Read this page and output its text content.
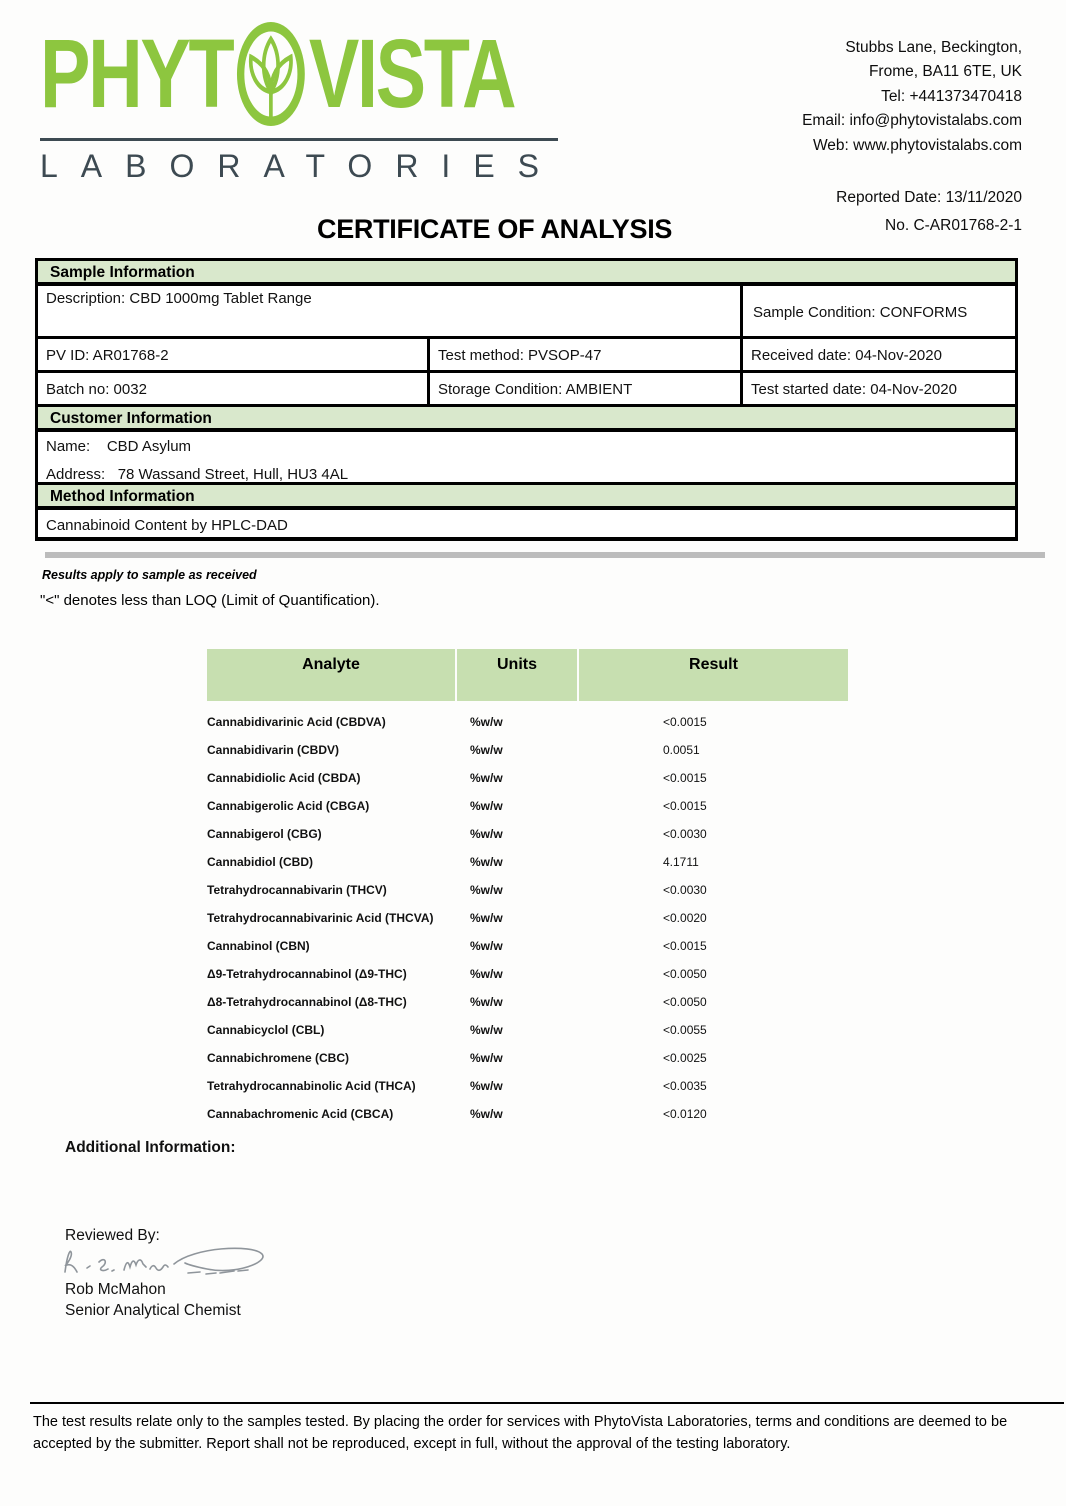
PHYT VISTA
LABORATORIES
Stubbs Lane, Beckington,
Frome, BA11 6TE, UK
Tel: +441373470418
Email: info@phytovistalabs.com
Web: www.phytovistalabs.com
Reported Date: 13/11/2020
No. C-AR01768-2-1
CERTIFICATE OF ANALYSIS
Sample Information
Description: CBD 1000mg Tablet Range
Sample Condition: CONFORMS
PV ID: AR01768-2	Test method: PVSOP-47	Received date: 04-Nov-2020
Batch no: 0032	Storage Condition: AMBIENT	Test started date: 04-Nov-2020
Customer Information
Name:    CBD Asylum
Address:   78 Wassand Street, Hull, HU3 4AL
Method Information
Cannabinoid Content by HPLC-DAD
Results apply to sample as received
"<" denotes less than LOQ (Limit of Quantification).
Analyte	Units	Result
Cannabidivarinic Acid (CBDVA)	%w/w	<0.0015
Cannabidivarin (CBDV)	%w/w	0.0051
Cannabidiolic Acid (CBDA)	%w/w	<0.0015
Cannabigerolic Acid (CBGA)	%w/w	<0.0015
Cannabigerol (CBG)	%w/w	<0.0030
Cannabidiol (CBD)	%w/w	4.1711
Tetrahydrocannabivarin (THCV)	%w/w	<0.0030
Tetrahydrocannabivarinic Acid (THCVA)	%w/w	<0.0020
Cannabinol (CBN)	%w/w	<0.0015
Δ9-Tetrahydrocannabinol (Δ9-THC)	%w/w	<0.0050
Δ8-Tetrahydrocannabinol (Δ8-THC)	%w/w	<0.0050
Cannabicyclol (CBL)	%w/w	<0.0055
Cannabichromene (CBC)	%w/w	<0.0025
Tetrahydrocannabinolic Acid (THCA)	%w/w	<0.0035
Cannabachromenic Acid (CBCA)	%w/w	<0.0120
Additional Information:
Reviewed By:
Rob McMahon
Senior Analytical Chemist
The test results relate only to the samples tested. By placing the order for services with PhytoVista Laboratories, terms and conditions are deemed to be accepted by the submitter. Report shall not be reproduced, except in full, without the approval of the testing laboratory.
